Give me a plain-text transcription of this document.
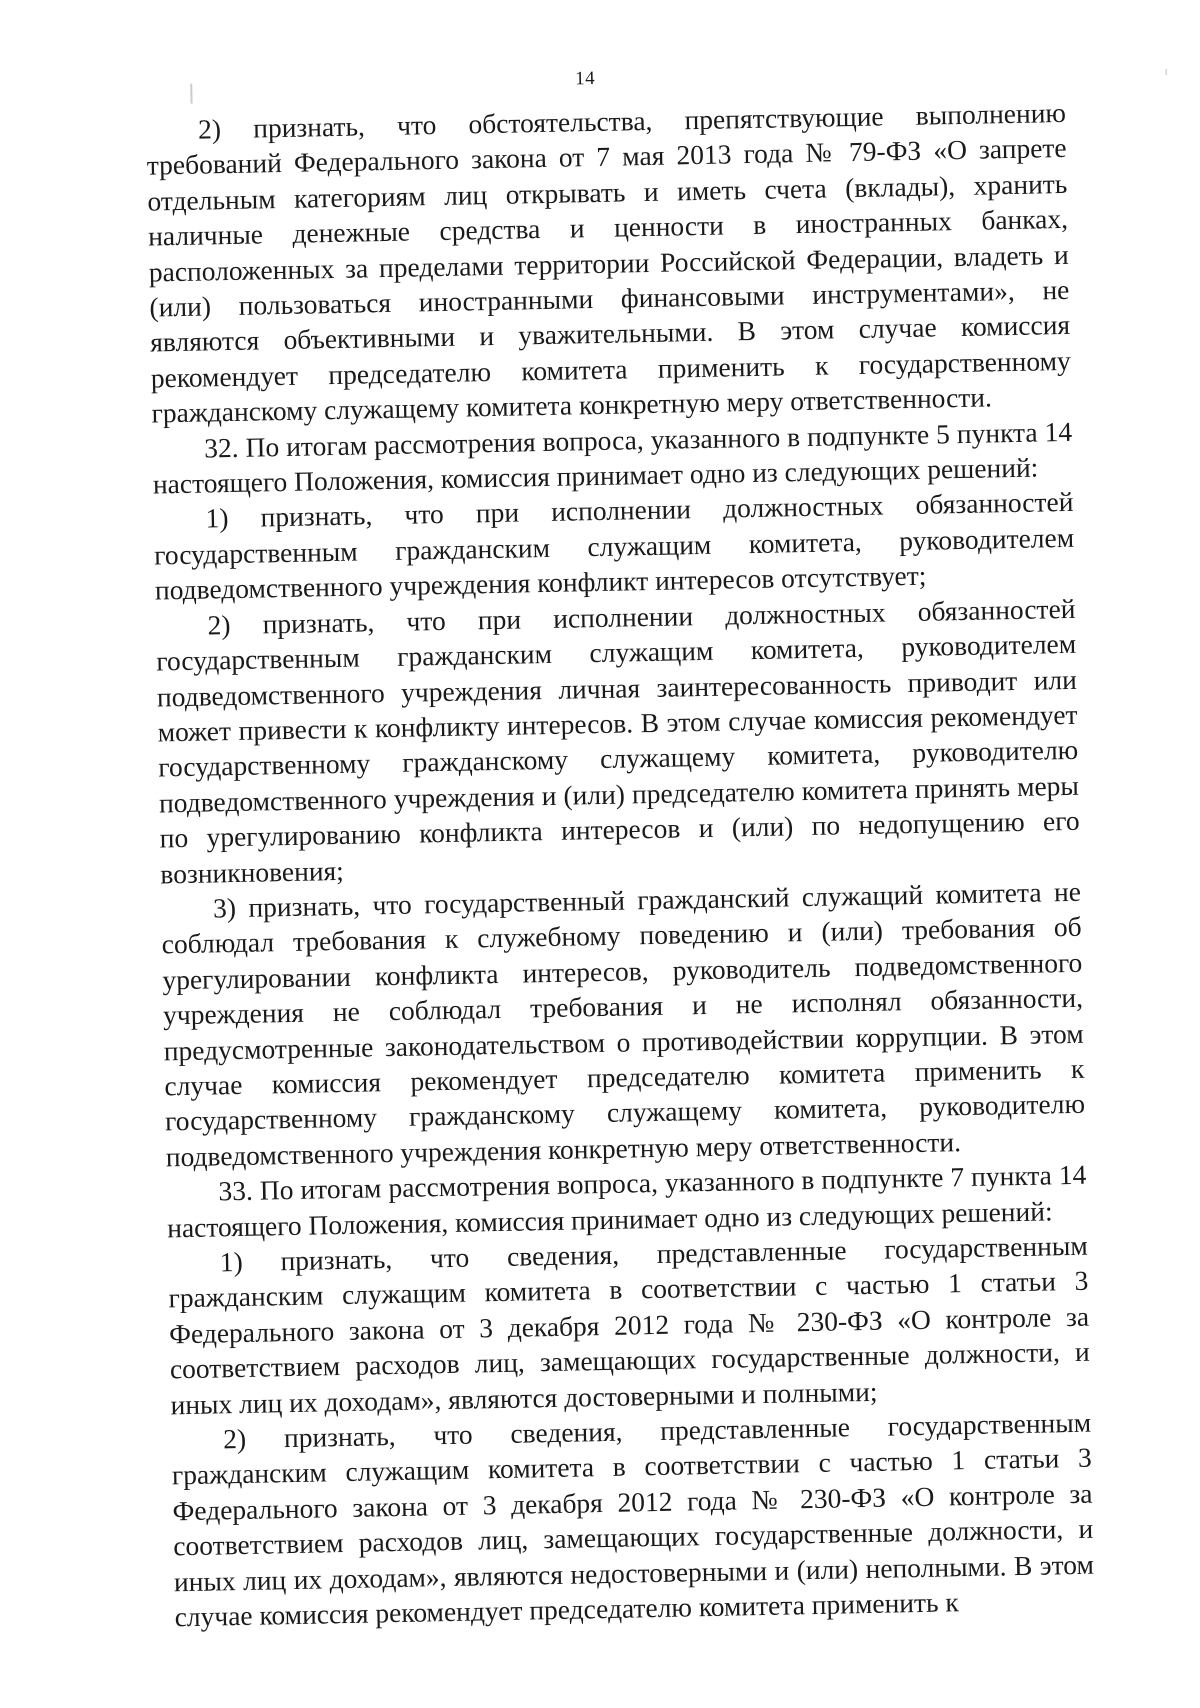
14

2) признать, что обстоятельства, препятствующие выполнению требований Федерального закона от 7 мая 2013 года № 79-ФЗ «О запрете отдельным категориям лиц открывать и иметь счета (вклады), хранить наличные денежные средства и ценности в иностранных банках, расположенных за пределами территории Российской Федерации, владеть и (или) пользоваться иностранными финансовыми инструментами», не являются объективными и уважительными. В этом случае комиссия рекомендует председателю комитета применить к государственному гражданскому служащему комитета конкретную меру ответственности.

32. По итогам рассмотрения вопроса, указанного в подпункте 5 пункта 14 настоящего Положения, комиссия принимает одно из следующих решений:

1) признать, что при исполнении должностных обязанностей государственным гражданским служащим комитета, руководителем подведомственного учреждения конфликт интересов отсутствует;

2) признать, что при исполнении должностных обязанностей государственным гражданским служащим комитета, руководителем подведомственного учреждения личная заинтересованность приводит или может привести к конфликту интересов. В этом случае комиссия рекомендует государственному гражданскому служащему комитета, руководителю подведомственного учреждения и (или) председателю комитета принять меры по урегулированию конфликта интересов и (или) по недопущению его возникновения;

3) признать, что государственный гражданский служащий комитета не соблюдал требования к служебному поведению и (или) требования об урегулировании конфликта интересов, руководитель подведомственного учреждения не соблюдал требования и не исполнял обязанности, предусмотренные законодательством о противодействии коррупции. В этом случае комиссия рекомендует председателю комитета применить к государственному гражданскому служащему комитета, руководителю подведомственного учреждения конкретную меру ответственности.

33. По итогам рассмотрения вопроса, указанного в подпункте 7 пункта 14 настоящего Положения, комиссия принимает одно из следующих решений:

1) признать, что сведения, представленные государственным гражданским служащим комитета в соответствии с частью 1 статьи 3 Федерального закона от 3 декабря 2012 года № 230-ФЗ «О контроле за соответствием расходов лиц, замещающих государственные должности, и иных лиц их доходам», являются достоверными и полными;

2) признать, что сведения, представленные государственным гражданским служащим комитета в соответствии с частью 1 статьи 3 Федерального закона от 3 декабря 2012 года № 230-ФЗ «О контроле за соответствием расходов лиц, замещающих государственные должности, и иных лиц их доходам», являются недостоверными и (или) неполными. В этом случае комиссия рекомендует председателю комитета применить к
